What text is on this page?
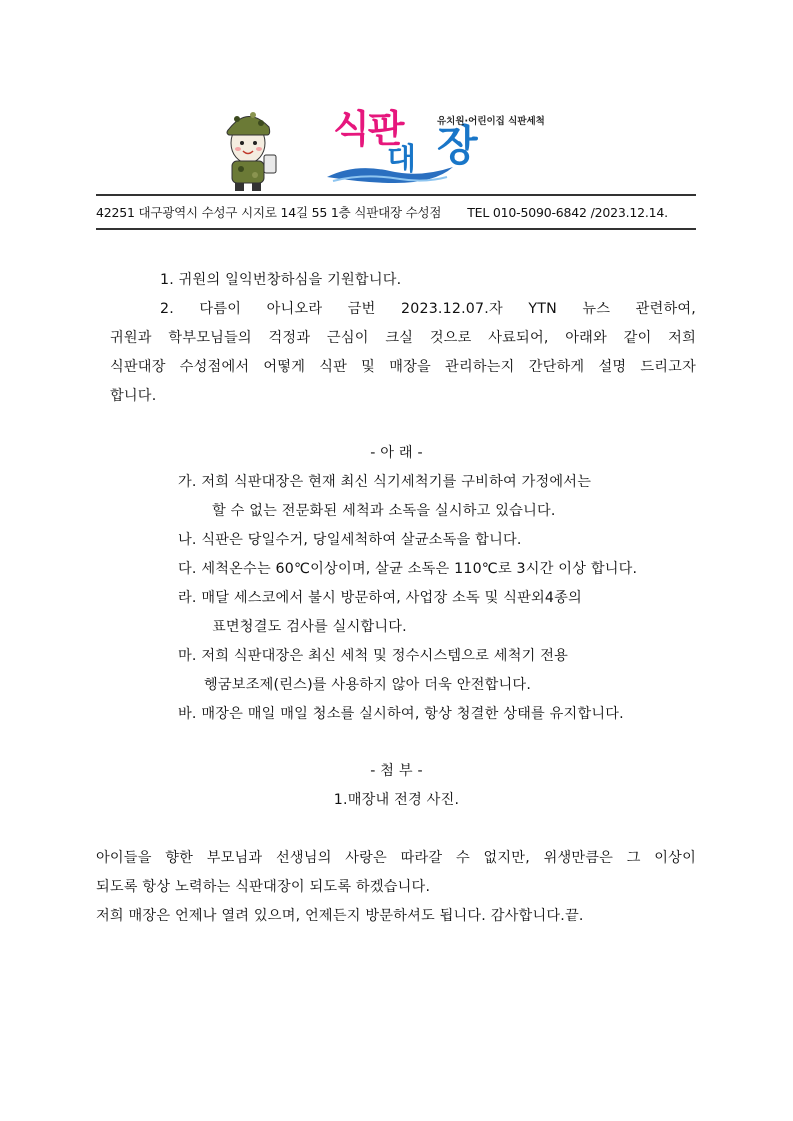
식판
대 장
유치원·어린이집 식판세척
42251 대구광역시 수성구 시지로 14길 55 1층 식판대장 수성점 TEL 010-5090-6842 /2023.12.14.
1. 귀원의 일익번창하심을 기원합니다.
2. 다름이 아니오라 금번 2023.12.07.자 YTN 뉴스 관련하여,
귀원과 학부모님들의 걱정과 근심이 크실 것으로 사료되어, 아래와 같이 저희
식판대장 수성점에서 어떻게 식판 및 매장을 관리하는지 간단하게 설명 드리고자
합니다.
- 아 래 -
가. 저희 식판대장은 현재 최신 식기세척기를 구비하여 가정에서는
할 수 없는 전문화된 세척과 소독을 실시하고 있습니다.
나. 식판은 당일수거, 당일세척하여 살균소독을 합니다.
다. 세척온수는 60℃이상이며, 살균 소독은 110℃로 3시간 이상 합니다.
라. 매달 세스코에서 불시 방문하여, 사업장 소독 및 식판외4종의
표면청결도 검사를 실시합니다.
마. 저희 식판대장은 최신 세척 및 정수시스템으로 세척기 전용
헹굼보조제(린스)를 사용하지 않아 더욱 안전합니다.
바. 매장은 매일 매일 청소를 실시하여, 항상 청결한 상태를 유지합니다.
- 첨 부 -
1.매장내 전경 사진.
아이들을 향한 부모님과 선생님의 사랑은 따라갈 수 없지만, 위생만큼은 그 이상이
되도록 항상 노력하는 식판대장이 되도록 하겠습니다.
저희 매장은 언제나 열려 있으며, 언제든지 방문하셔도 됩니다. 감사합니다.끝.
